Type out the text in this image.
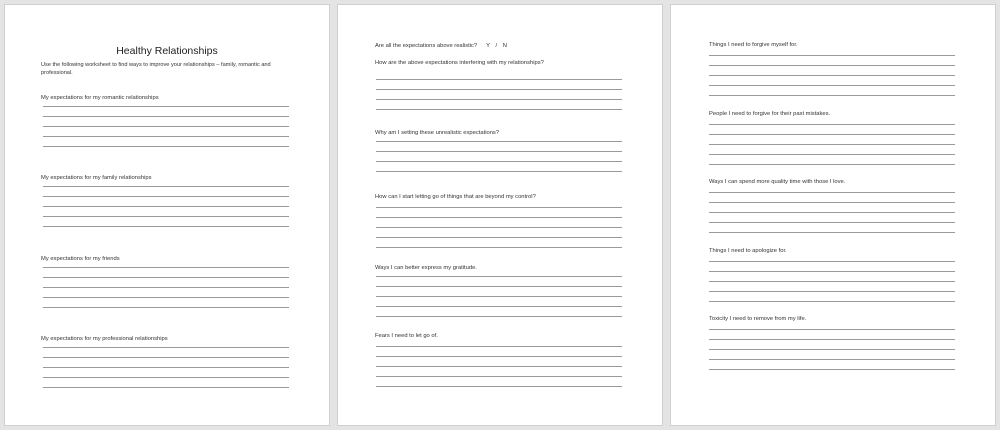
Healthy Relationships
Use the following worksheet to find ways to improve your relationships – family, romantic and professional.
My expectations for my romantic relationships
My expectations for my family relationships
My expectations for my friends
My expectations for my professional relationships
Are all the expectations above realistic? Y / N
How are the above expectations interfering with my relationships?
Why am I setting these unrealistic expectations?
How can I start letting go of things that are beyond my control?
Ways I can better express my gratitude.
Fears I need to let go of.
Things I need to forgive myself for.
People I need to forgive for their past mistakes.
Ways I can spend more quality time with those I love.
Things I need to apologize for.
Toxicity I need to remove from my life.
